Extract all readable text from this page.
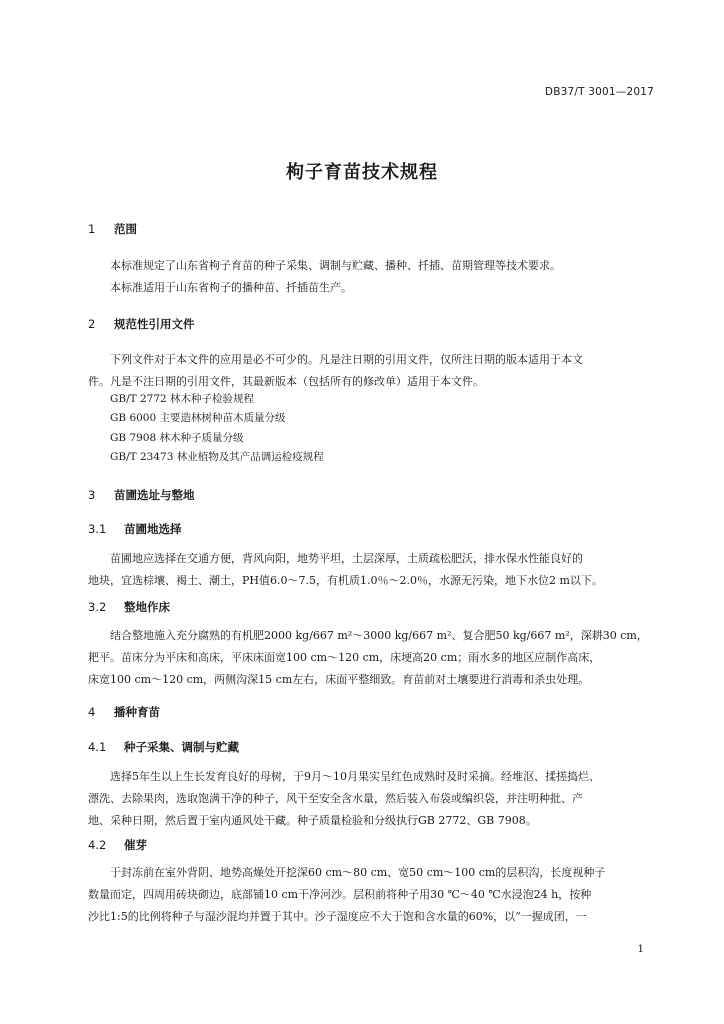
DB37/T 3001—2017
枸子育苗技术规程
1 范围
本标准规定了山东省枸子育苗的种子采集、调制与贮藏、播种、扦插、苗期管理等技术要求。
本标准适用于山东省枸子的播种苗、扦插苗生产。
2 规范性引用文件
下列文件对于本文件的应用是必不可少的。凡是注日期的引用文件，仅所注日期的版本适用于本文
件。凡是不注日期的引用文件，其最新版本（包括所有的修改单）适用于本文件。
GB/T 2772 林木种子检验规程
GB 6000 主要造林树种苗木质量分级
GB 7908 林木种子质量分级
GB/T 23473 林业植物及其产品调运检疫规程
3 苗圃选址与整地
3.1 苗圃地选择
苗圃地应选择在交通方便，背风向阳，地势平坦，土层深厚，土质疏松肥沃，排水保水性能良好的
地块，宜选棕壤、褐土、潮土，PH值6.0～7.5，有机质1.0％～2.0％，水源无污染，地下水位2 m以下。
3.2 整地作床
结合整地施入充分腐熟的有机肥2000 kg/667 m²～3000 kg/667 m²、复合肥50 kg/667 m²，深耕30 cm，
耙平。苗床分为平床和高床，平床床面宽100 cm～120 cm，床埂高20 cm；雨水多的地区应制作高床，
床宽100 cm～120 cm，两侧沟深15 cm左右，床面平整细致。育苗前对土壤要进行消毒和杀虫处理。
4 播种育苗
4.1 种子采集、调制与贮藏
选择5年生以上生长发育良好的母树，于9月～10月果实呈红色成熟时及时采摘。经堆沤、揉搓捣烂、
漂洗、去除果肉，选取饱满干净的种子，风干至安全含水量，然后装入布袋或编织袋，并注明种批、产
地、采种日期，然后置于室内通风处干藏。种子质量检验和分级执行GB 2772、GB 7908。
4.2 催芽
于封冻前在室外背阴、地势高燥处开挖深60 cm～80 cm、宽50 cm～100 cm的层积沟，长度视种子
数量而定，四周用砖块砌边，底部铺10 cm干净河沙。层积前将种子用30 ℃～40 ℃水浸泡24 h，按种
沙比1:5的比例将种子与湿沙混均并置于其中。沙子湿度应不大于饱和含水量的60%，以“一握成团，一
1
